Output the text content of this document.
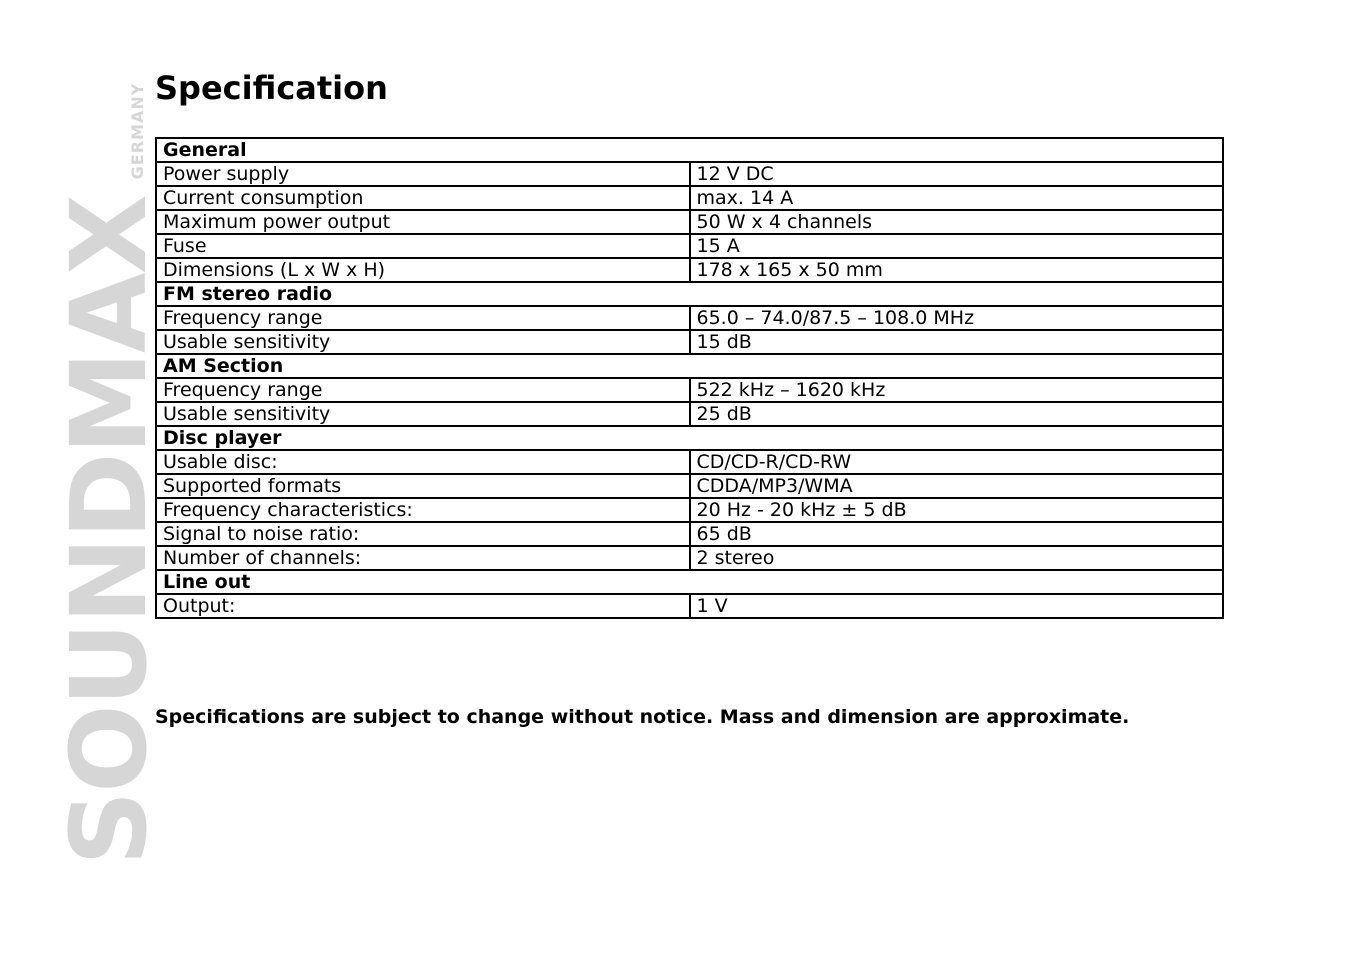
SOUNDMAX
GERMANY Specification
General	
Power supply	12 V DC
Current consumption	max. 14 A
Maximum power output	50 W x 4 channels
Fuse	15 A
Dimensions (L x W x H)	178 x 165 x 50 mm
FM stereo radio	
Frequency range	65.0 – 74.0/87.5 – 108.0 MHz
Usable sensitivity	15 dB
AM Section	
Frequency range	522 kHz – 1620 kHz
Usable sensitivity	25 dB
Disc player	
Usable disc:	CD/CD-R/CD-RW
Supported formats	CDDA/MP3/WMA
Frequency characteristics:	20 Hz - 20 kHz ± 5 dB
Signal to noise ratio:	65 dB
Number of channels:	2 stereo
Line out	
Output:	1 V

Specifications are subject to change without notice. Mass and dimension are approximate.
